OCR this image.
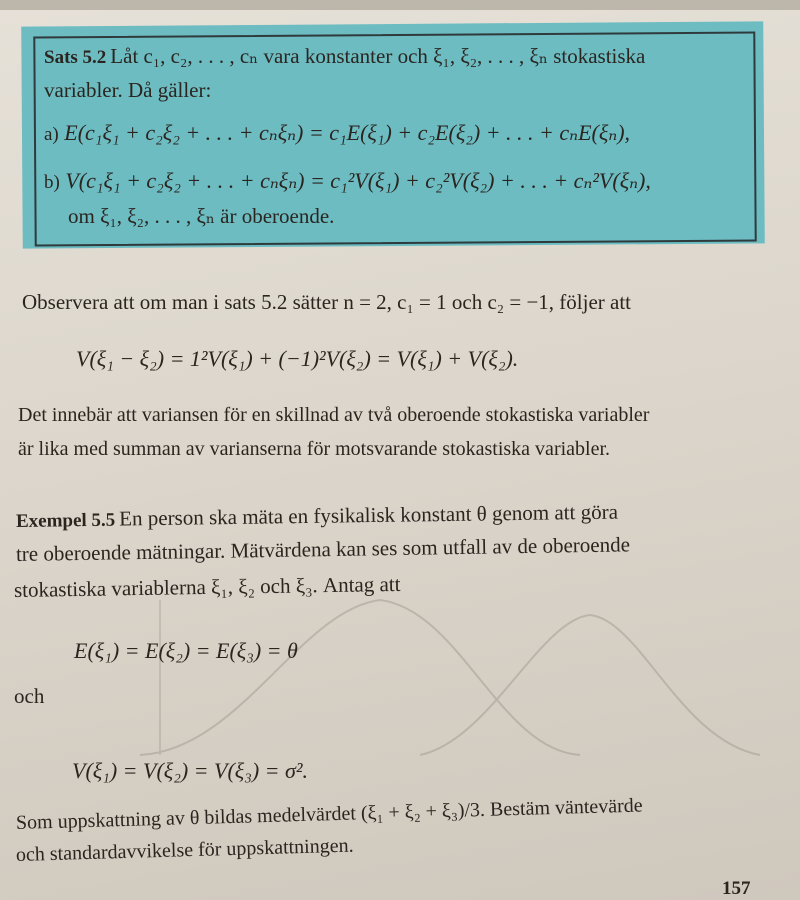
Sats 5.2 Låt c₁, c₂, . . . , cₙ vara konstanter och ξ₁, ξ₂, . . . , ξₙ stokastiska
variabler. Då gäller:
a) E(c₁ξ₁ + c₂ξ₂ + . . . + cₙξₙ) = c₁E(ξ₁) + c₂E(ξ₂) + . . . + cₙE(ξₙ),
b) V(c₁ξ₁ + c₂ξ₂ + . . . + cₙξₙ) = c₁²V(ξ₁) + c₂²V(ξ₂) + . . . + cₙ²V(ξₙ),
om ξ₁, ξ₂, . . . , ξₙ är oberoende.
Observera att om man i sats 5.2 sätter n = 2, c₁ = 1 och c₂ = −1, följer att
V(ξ₁ − ξ₂) = 1²V(ξ₁) + (−1)²V(ξ₂) = V(ξ₁) + V(ξ₂).
Det innebär att variansen för en skillnad av två oberoende stokastiska variabler
är lika med summan av varianserna för motsvarande stokastiska variabler.
Exempel 5.5 En person ska mäta en fysikalisk konstant θ genom att göra
tre oberoende mätningar. Mätvärdena kan ses som utfall av de oberoende
stokastiska variablerna ξ₁, ξ₂ och ξ₃. Antag att
E(ξ₁) = E(ξ₂) = E(ξ₃) = θ
och
V(ξ₁) = V(ξ₂) = V(ξ₃) = σ².
Som uppskattning av θ bildas medelvärdet (ξ₁ + ξ₂ + ξ₃)/3. Bestäm väntevärde
och standardavvikelse för uppskattningen.
157
